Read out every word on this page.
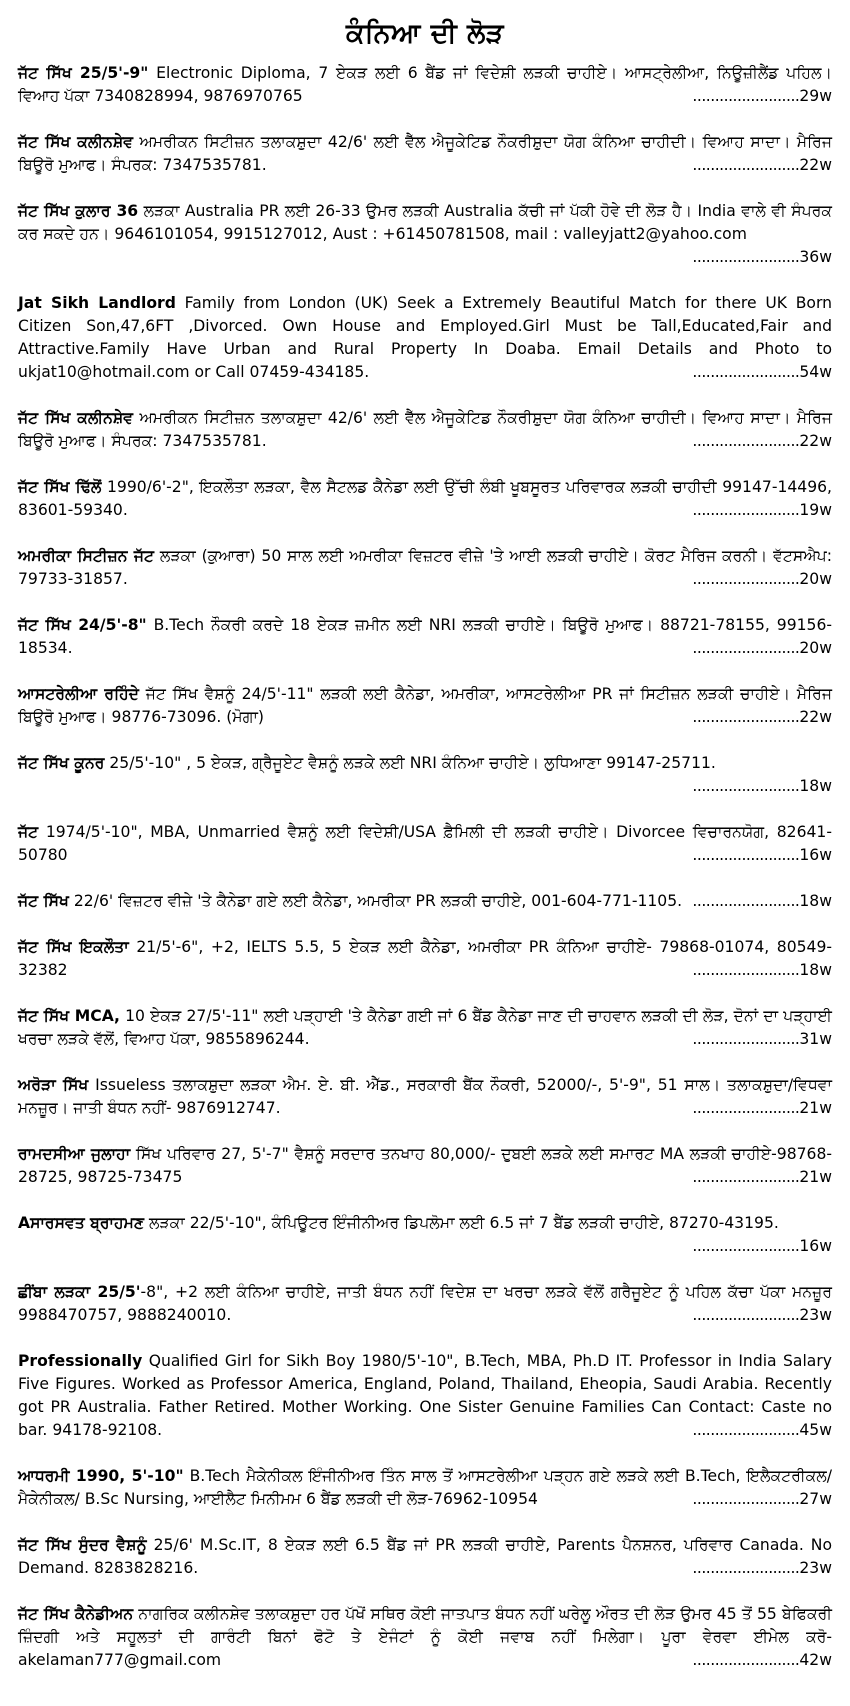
ਕੰਨਿਆ ਦੀ ਲੋੜ
ਜੱਟ ਸਿੱਖ 25/5'-9" Electronic Diploma, 7 ਏਕੜ ਲਈ 6 ਬੈਂਡ ਜਾਂ ਵਿਦੇਸ਼ੀ ਲੜਕੀ ਚਾਹੀਏ। ਆਸਟ੍ਰੇਲੀਆ, ਨਿਊਜ਼ੀਲੈਂਡ ਪਹਿਲ। ਵਿਆਹ ਪੱਕਾ 7340828994, 9876970765	........................29w
ਜੱਟ ਸਿੱਖ ਕਲੀਨਸ਼ੇਵ ਅਮਰੀਕਨ ਸਿਟੀਜ਼ਨ ਤਲਾਕਸ਼ੁਦਾ 42/6' ਲਈ ਵੈੱਲ ਐਜੂਕੇਟਿਡ ਨੌਕਰੀਸ਼ੁਦਾ ਯੋਗ ਕੰਨਿਆ ਚਾਹੀਦੀ। ਵਿਆਹ ਸਾਦਾ। ਮੈਰਿਜ ਬਿਊਰੋ ਮੁਆਫ। ਸੰਪਰਕ: 7347535781.	........................22w
ਜੱਟ ਸਿੱਖ ਕੁਲਾਰ 36 ਲੜਕਾ Australia PR ਲਈ 26-33 ਉਮਰ ਲੜਕੀ Australia ਕੱਚੀ ਜਾਂ ਪੱਕੀ ਹੋਵੇ ਦੀ ਲੋੜ ਹੈ। India ਵਾਲੇ ਵੀ ਸੰਪਰਕ ਕਰ ਸਕਦੇ ਹਨ। 9646101054, 9915127012, Aust : +61450781508, mail : valleyjatt2@yahoo.com
........................36w
Jat Sikh Landlord Family from London (UK) Seek a Extremely Beautiful Match for there UK Born Citizen Son,47,6FT ,Divorced. Own House and Employed.Girl Must be Tall,Educated,Fair and Attractive.Family Have Urban and Rural Property In Doaba. Email Details and Photo to ukjat10@hotmail.com or Call 07459-434185.	........................54w
ਜੱਟ ਸਿੱਖ ਕਲੀਨਸ਼ੇਵ ਅਮਰੀਕਨ ਸਿਟੀਜ਼ਨ ਤਲਾਕਸ਼ੁਦਾ 42/6' ਲਈ ਵੈੱਲ ਐਜੂਕੇਟਿਡ ਨੌਕਰੀਸ਼ੁਦਾ ਯੋਗ ਕੰਨਿਆ ਚਾਹੀਦੀ। ਵਿਆਹ ਸਾਦਾ। ਮੈਰਿਜ ਬਿਊਰੋ ਮੁਆਫ। ਸੰਪਰਕ: 7347535781.	........................22w
ਜੱਟ ਸਿੱਖ ਢਿੱਲੋਂ 1990/6'-2", ਇਕਲੌਤਾ ਲੜਕਾ, ਵੈਲ ਸੈਟਲਡ ਕੈਨੇਡਾ ਲਈ ਉੱਚੀ ਲੰਬੀ ਖੂਬਸੂਰਤ ਪਰਿਵਾਰਕ ਲੜਕੀ ਚਾਹੀਦੀ 99147-14496, 83601-59340.	........................19w
ਅਮਰੀਕਾ ਸਿਟੀਜ਼ਨ ਜੱਟ ਲੜਕਾ (ਕੁਆਰਾ) 50 ਸਾਲ ਲਈ ਅਮਰੀਕਾ ਵਿਜ਼ਟਰ ਵੀਜ਼ੇ 'ਤੇ ਆਈ ਲੜਕੀ ਚਾਹੀਏ। ਕੋਰਟ ਮੈਰਿਜ ਕਰਨੀ। ਵੱਟਸਐਪ: 79733-31857.	........................20w
ਜੱਟ ਸਿੱਖ 24/5'-8" B.Tech ਨੌਕਰੀ ਕਰਦੇ 18 ਏਕੜ ਜ਼ਮੀਨ ਲਈ NRI ਲੜਕੀ ਚਾਹੀਏ। ਬਿਊਰੋ ਮੁਆਫ। 88721-78155, 99156-18534.	........................20w
ਆਸਟਰੇਲੀਆ ਰਹਿੰਦੇ ਜੱਟ ਸਿੱਖ ਵੈਸ਼ਨੂੰ 24/5'-11" ਲੜਕੀ ਲਈ ਕੈਨੇਡਾ, ਅਮਰੀਕਾ, ਆਸਟਰੇਲੀਆ PR ਜਾਂ ਸਿਟੀਜ਼ਨ ਲੜਕੀ ਚਾਹੀਏ। ਮੈਰਿਜ ਬਿਊਰੋ ਮੁਆਫ। 98776-73096. (ਮੋਗਾ)	........................22w
ਜੱਟ ਸਿੱਖ ਕੂਨਰ 25/5'-10" , 5 ਏਕੜ, ਗ੍ਰੈਜੂਏਟ ਵੈਸ਼ਨੂੰ ਲੜਕੇ ਲਈ NRI ਕੰਨਿਆ ਚਾਹੀਏ। ਲੁਧਿਆਣਾ 99147-25711.
........................18w
ਜੱਟ 1974/5'-10", MBA, Unmarried ਵੈਸ਼ਨੂੰ ਲਈ ਵਿਦੇਸ਼ੀ/USA ਫ਼ੈਮਿਲੀ ਦੀ ਲੜਕੀ ਚਾਹੀਏ। Divorcee ਵਿਚਾਰਨਯੋਗ, 82641-50780	........................16w
ਜੱਟ ਸਿੱਖ 22/6' ਵਿਜ਼ਟਰ ਵੀਜ਼ੇ 'ਤੇ ਕੈਨੇਡਾ ਗਏ ਲਈ ਕੈਨੇਡਾ, ਅਮਰੀਕਾ PR ਲੜਕੀ ਚਾਹੀਏ, 001-604-771-1105. ........................18w
ਜੱਟ ਸਿੱਖ ਇਕਲੌਤਾ 21/5'-6", +2, IELTS 5.5, 5 ਏਕੜ ਲਈ ਕੈਨੇਡਾ, ਅਮਰੀਕਾ PR ਕੰਨਿਆ ਚਾਹੀਏ- 79868-01074, 80549-32382	........................18w
ਜੱਟ ਸਿੱਖ MCA, 10 ਏਕੜ 27/5'-11" ਲਈ ਪੜ੍ਹਾਈ 'ਤੇ ਕੈਨੇਡਾ ਗਈ ਜਾਂ 6 ਬੈਂਡ ਕੈਨੇਡਾ ਜਾਣ ਦੀ ਚਾਹਵਾਨ ਲੜਕੀ ਦੀ ਲੋੜ, ਦੋਨਾਂ ਦਾ ਪੜ੍ਹਾਈ ਖਰਚਾ ਲੜਕੇ ਵੱਲੋਂ, ਵਿਆਹ ਪੱਕਾ, 9855896244.	........................31w
ਅਰੋੜਾ ਸਿੱਖ Issueless ਤਲਾਕਸ਼ੁਦਾ ਲੜਕਾ ਐਮ. ਏ. ਬੀ. ਐੱਡ., ਸਰਕਾਰੀ ਬੈਂਕ ਨੌਕਰੀ, 52000/-, 5'-9", 51 ਸਾਲ। ਤਲਾਕਸ਼ੁਦਾ/ਵਿਧਵਾ ਮਨਜ਼ੂਰ। ਜਾਤੀ ਬੰਧਨ ਨਹੀਂ- 9876912747.	........................21w
ਰਾਮਦਸੀਆ ਜੁਲਾਹਾ ਸਿੱਖ ਪਰਿਵਾਰ 27, 5'-7" ਵੈਸ਼ਨੂੰ ਸਰਦਾਰ ਤਨਖਾਹ 80,000/- ਦੁਬਈ ਲੜਕੇ ਲਈ ਸਮਾਰਟ MA ਲੜਕੀ ਚਾਹੀਏ-98768-28725, 98725-73475	........................21w
Aਸਾਰਸਵਤ ਬ੍ਰਾਹਮਣ ਲੜਕਾ 22/5'-10", ਕੰਪਿਊਟਰ ਇੰਜੀਨੀਅਰ ਡਿਪਲੋਮਾ ਲਈ 6.5 ਜਾਂ 7 ਬੈਂਡ ਲੜਕੀ ਚਾਹੀਏ, 87270-43195.
........................16w
ਛੀਂਬਾ ਲੜਕਾ 25/5'-8", +2 ਲਈ ਕੰਨਿਆ ਚਾਹੀਏ, ਜਾਤੀ ਬੰਧਨ ਨਹੀਂ ਵਿਦੇਸ਼ ਦਾ ਖਰਚਾ ਲੜਕੇ ਵੱਲੋਂ ਗਰੈਜੂਏਟ ਨੂੰ ਪਹਿਲ ਕੱਚਾ ਪੱਕਾ ਮਨਜ਼ੂਰ 9988470757, 9888240010.	........................23w
Professionally Qualified Girl for Sikh Boy 1980/5'-10", B.Tech, MBA, Ph.D IT. Professor in India Salary Five Figures. Worked as Professor America, England, Poland, Thailand, Eheopia, Saudi Arabia. Recently got PR Australia. Father Retired. Mother Working. One Sister Genuine Families Can Contact: Caste no bar. 94178-92108.	........................45w
ਆਧਰਮੀ 1990, 5'-10" B.Tech ਮੈਕੇਨੀਕਲ ਇੰਜੀਨੀਅਰ ਤਿੰਨ ਸਾਲ ਤੋਂ ਆਸਟਰੇਲੀਆ ਪੜ੍ਹਨ ਗਏ ਲੜਕੇ ਲਈ B.Tech, ਇਲੈਕਟਰੀਕਲ/ਮੈਕੇਨੀਕਲ/ B.Sc Nursing, ਆਈਲੈਟ ਮਿਨੀਮਮ 6 ਬੈਂਡ ਲੜਕੀ ਦੀ ਲੋੜ-76962-10954	........................27w
ਜੱਟ ਸਿੱਖ ਸੁੰਦਰ ਵੈਸ਼ਨੂੰ 25/6' M.Sc.IT, 8 ਏਕੜ ਲਈ 6.5 ਬੈਂਡ ਜਾਂ PR ਲੜਕੀ ਚਾਹੀਏ, Parents ਪੈਨਸ਼ਨਰ, ਪਰਿਵਾਰ Canada. No Demand. 8283828216.	........................23w
ਜੱਟ ਸਿੱਖ ਕੈਨੇਡੀਅਨ ਨਾਗਰਿਕ ਕਲੀਨਸ਼ੇਵ ਤਲਾਕਸ਼ੁਦਾ ਹਰ ਪੱਖੋਂ ਸਥਿਰ ਕੋਈ ਜਾਤਪਾਤ ਬੰਧਨ ਨਹੀਂ ਘਰੇਲੂ ਔਰਤ ਦੀ ਲੋੜ ਉਮਰ 45 ਤੋਂ 55 ਬੇਫਿਕਰੀ ਜ਼ਿੰਦਗੀ ਅਤੇ ਸਹੂਲਤਾਂ ਦੀ ਗਾਰੰਟੀ ਬਿਨਾਂ ਫੋਟੋ ਤੇ ਏਜੰਟਾਂ ਨੂੰ ਕੋਈ ਜਵਾਬ ਨਹੀਂ ਮਿਲੇਗਾ। ਪੂਰਾ ਵੇਰਵਾ ਈਮੇਲ ਕਰੋ- akelaman777@gmail.com	........................42w
